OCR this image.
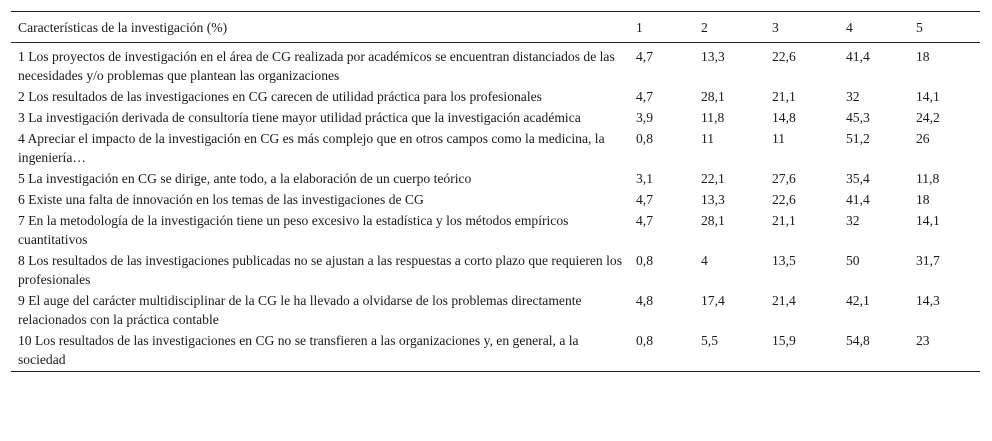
Características de la investigación (%)	1	2	3	4	5
1 Los proyectos de investigación en el área de CG realizada por académicos se encuentran distanciados de las necesidades y/o problemas que plantean las organizaciones	4,7	13,3	22,6	41,4	18
2 Los resultados de las investigaciones en CG carecen de utilidad práctica para los profesionales	4,7	28,1	21,1	32	14,1
3 La investigación derivada de consultoría tiene mayor utilidad práctica que la investigación académica	3,9	11,8	14,8	45,3	24,2
4 Apreciar el impacto de la investigación en CG es más complejo que en otros campos como la medicina, la ingeniería…	0,8	11	11	51,2	26
5 La investigación en CG se dirige, ante todo, a la elaboración de un cuerpo teórico	3,1	22,1	27,6	35,4	11,8
6 Existe una falta de innovación en los temas de las investigaciones de CG	4,7	13,3	22,6	41,4	18
7 En la metodología de la investigación tiene un peso excesivo la estadística y los métodos empíricos cuantitativos	4,7	28,1	21,1	32	14,1
8 Los resultados de las investigaciones publicadas no se ajustan a las respuestas a corto plazo que requieren los profesionales	0,8	4	13,5	50	31,7
9 El auge del carácter multidisciplinar de la CG le ha llevado a olvidarse de los problemas directamente relacionados con la práctica contable	4,8	17,4	21,4	42,1	14,3
10 Los resultados de las investigaciones en CG no se transfieren a las organizaciones y, en general, a la sociedad	0,8	5,5	15,9	54,8	23
